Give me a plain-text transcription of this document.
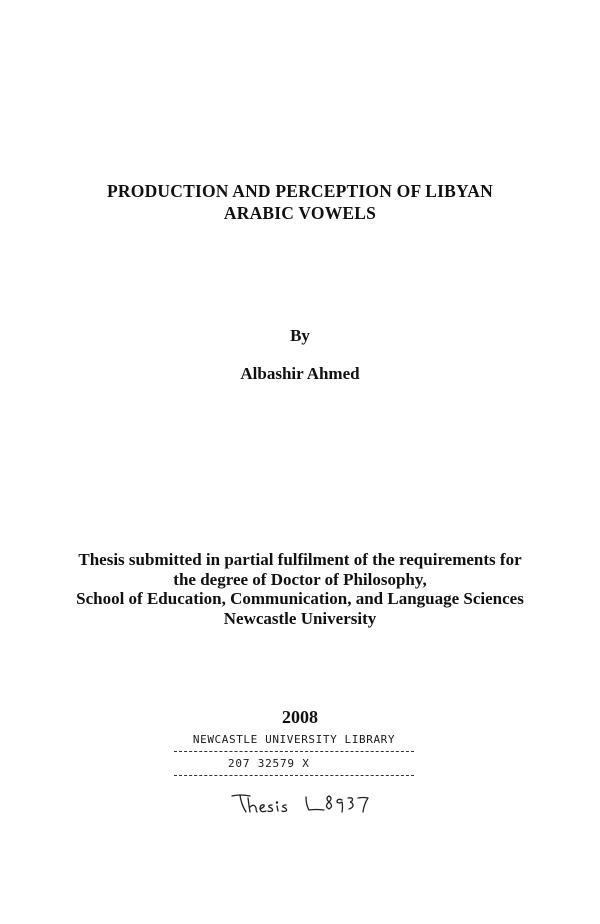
PRODUCTION AND PERCEPTION OF LIBYAN
ARABIC VOWELS
By
Albashir Ahmed
Thesis submitted in partial fulfilment of the requirements for
the degree of Doctor of Philosophy,
School of Education, Communication, and Language Sciences
Newcastle University
2008
NEWCASTLE UNIVERSITY LIBRARY
207 32579 X
